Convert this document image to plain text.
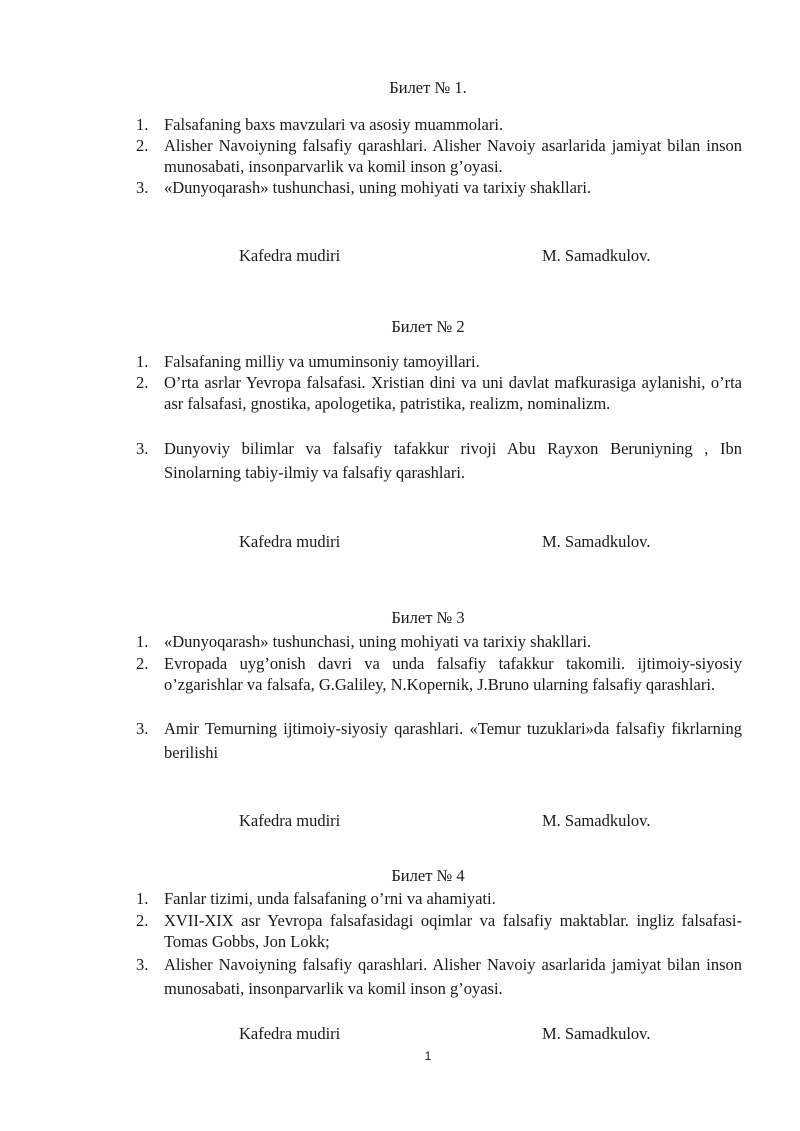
Билет № 1.
1. Falsafaning baxs mavzulari va asosiy muammolari.
2. Alisher Navoiyning falsafiy qarashlari. Alisher Navoiy asarlarida jamiyat bilan inson munosabati, insonparvarlik va komil inson g’oyasi.
3. «Dunyoqarash» tushunchasi, uning mohiyati va tarixiy shakllari.
Kafedra mudiri	M. Samadkulov.
Билет № 2
1. Falsafaning milliy va umuminsoniy tamoyillari.
2. O’rta asrlar Yevropa falsafasi. Xristian dini va uni davlat mafkurasiga aylanishi, o’rta asr falsafasi, gnostika, apologetika, patristika, realizm, nominalizm.
3. Dunyoviy bilimlar va falsafiy tafakkur rivoji Abu Rayxon Beruniyning , Ibn Sinolarning tabiy-ilmiy va falsafiy qarashlari.
Kafedra mudiri	M. Samadkulov.
Билет № 3
1. «Dunyoqarash» tushunchasi, uning mohiyati va tarixiy shakllari.
2. Evropada uyg’onish davri va unda falsafiy tafakkur takomili. ijtimoiy-siyosiy o’zgarishlar va falsafa, G.Galiley, N.Kopernik, J.Bruno ularning falsafiy qarashlari.
3. Amir Temurning ijtimoiy-siyosiy qarashlari. «Temur tuzuklari»da falsafiy fikrlarning berilishi
Kafedra mudiri	M. Samadkulov.
Билет № 4
1. Fanlar tizimi, unda falsafaning o’rni va ahamiyati.
2. XVII-XIX asr Yevropa falsafasidagi oqimlar va falsafiy maktablar. ingliz falsafasi-Tomas Gobbs, Jon Lokk;
3. Alisher Navoiyning falsafiy qarashlari. Alisher Navoiy asarlarida jamiyat bilan inson munosabati, insonparvarlik va komil inson g’oyasi.
Kafedra mudiri	M. Samadkulov.
1
